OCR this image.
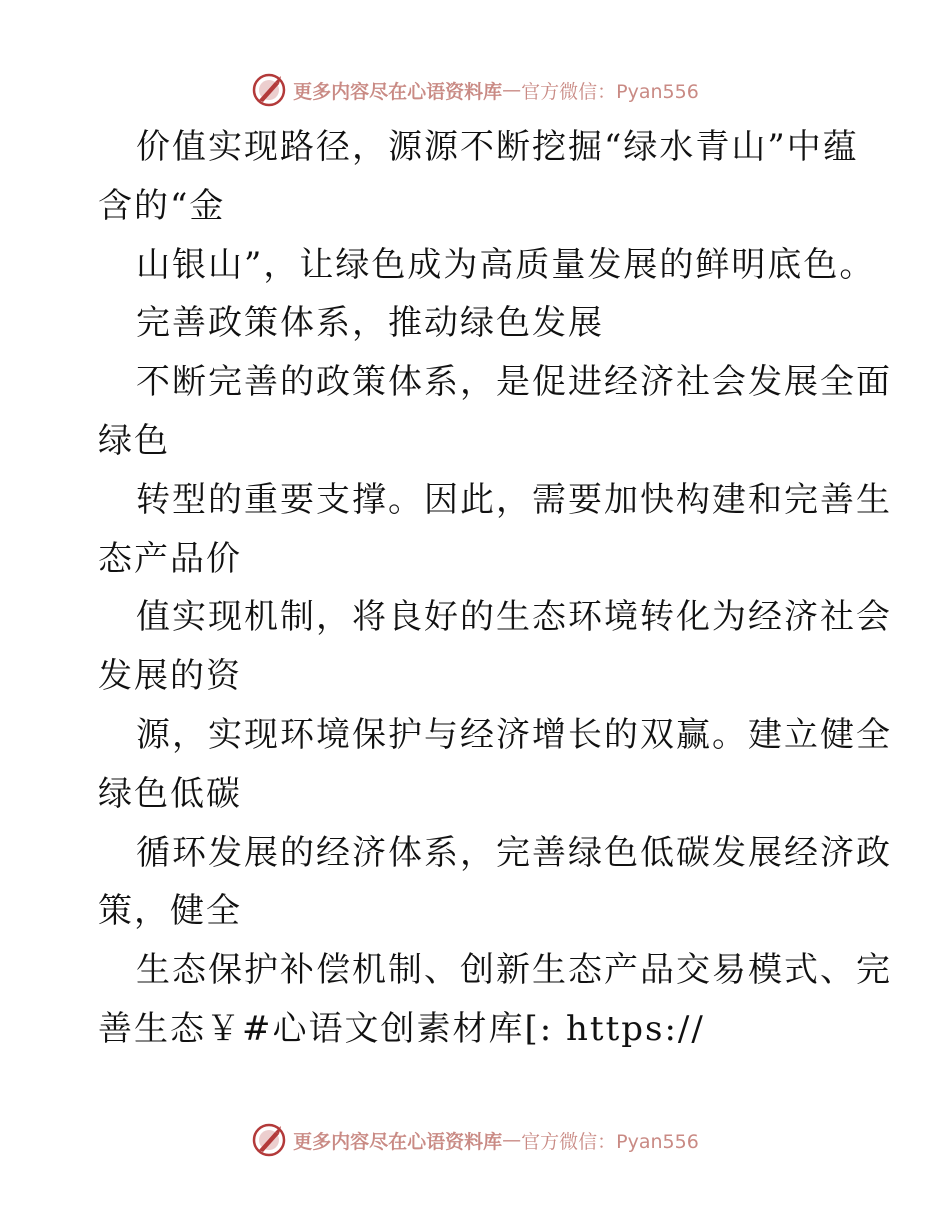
更多内容尽在心语资料库 — 官方微信：Pyan556
价值实现路径，源源不断挖掘“绿水青山”中蕴
含的“金
山银山”，让绿色成为高质量发展的鲜明底色。
完善政策体系，推动绿色发展
不断完善的政策体系，是促进经济社会发展全面
绿色
转型的重要支撑。因此，需要加快构建和完善生
态产品价
值实现机制，将良好的生态环境转化为经济社会
发展的资
源，实现环境保护与经济增长的双赢。建立健全
绿色低碳
循环发展的经济体系，完善绿色低碳发展经济政
策，健全
生态保护补偿机制、创新生态产品交易模式、完
善生态￥#心语文创素材库[: https://
更多内容尽在心语资料库 — 官方微信：Pyan556
